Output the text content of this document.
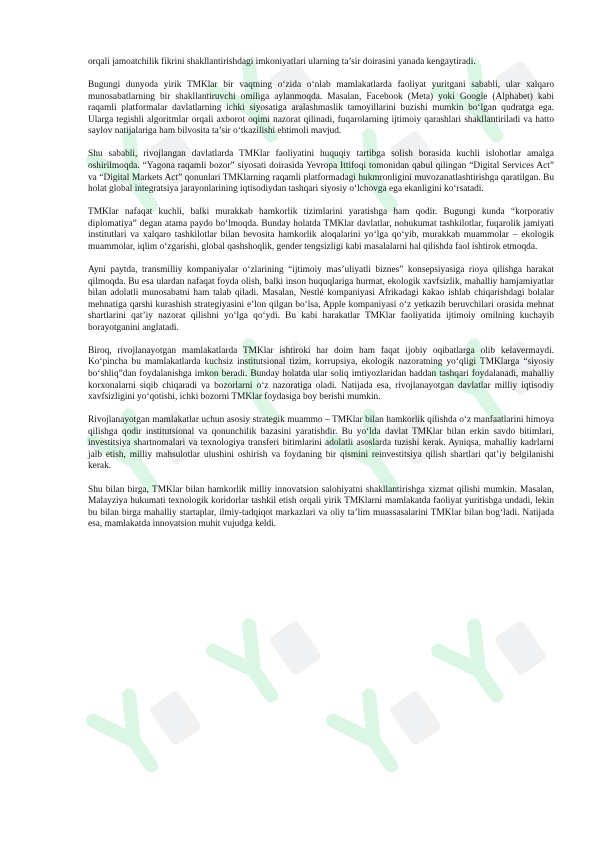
orqali jamoatchilik fikrini shakllantirishdagi imkoniyatlari ularning ta’sir doirasini yanada kengaytiradi.

Bugungi dunyoda yirik TMKlar bir vaqtning o‘zida o‘nlab mamlakatlarda faoliyat yuritgani sababli, ular xalqaro munosabatlarning bir shakllantiruvchi omiliga aylanmoqda. Masalan, Facebook (Meta) yoki Google (Alphabet) kabi raqamli platformalar davlatlarning ichki siyosatiga aralashmaslik tamoyillarini buzishi mumkin bo‘lgan qudratga ega. Ularga tegishli algoritmlar orqali axborot oqimi nazorat qilinadi, fuqarolarning ijtimoiy qarashlari shakllantiriladi va hatto saylov natijalariga ham bilvosita ta’sir o‘tkazilishi ehtimoli mavjud.

Shu sababli, rivojlangan davlatlarda TMKlar faoliyatini huquqiy tartibga solish borasida kuchli islohotlar amalga oshirilmoqda. “Yagona raqamli bozor” siyosati doirasida Yevropa Ittifoqi tomonidan qabul qilingan “Digital Services Act” va “Digital Markets Act” qonunlari TMKlarning raqamli platformadagi hukmronligini muvozanatlashtirishga qaratilgan. Bu holat global integratsiya jarayonlarining iqtisodiydan tashqari siyosiy o‘lchovga ega ekanligini ko‘rsatadi.

TMKlar nafaqat kuchli, balki murakkab hamkorlik tizimlarini yaratishga ham qodir. Bugungi kunda “korporativ diplomatiya” degan atama paydo bo‘lmoqda. Bunday holatda TMKlar davlatlar, nohukumat tashkilotlar, fuqarolik jamiyati institutlari va xalqaro tashkilotlar bilan bevosita hamkorlik aloqalarini yo‘lga qo‘yib, murakkab muammolar – ekologik muammolar, iqlim o‘zgarishi, global qashshoqlik, gender tengsizligi kabi masalalarni hal qilishda faol ishtirok etmoqda.

Ayni paytda, transmilliy kompaniyalar o‘zlarining “ijtimoiy mas’uliyatli biznes” konsepsiyasiga rioya qilishga harakat qilmoqda. Bu esa ulardan nafaqat foyda olish, balki inson huquqlariga hurmat, ekologik xavfsizlik, mahalliy hamjamiyatlar bilan adolatli munosabatni ham talab qiladi. Masalan, Nestlé kompaniyasi Afrikadagi kakao ishlab chiqarishdagi bolalar mehnatiga qarshi kurashish strategiyasini e’lon qilgan bo‘lsa, Apple kompaniyasi o‘z yetkazib beruvchilari orasida mehnat shartlarini qat’iy nazorat qilishni yo‘lga qo‘ydi. Bu kabi harakatlar TMKlar faoliyatida ijtimoiy omilning kuchayib borayotganini anglatadi.

Biroq, rivojlanayotgan mamlakatlarda TMKlar ishtiroki har doim ham faqat ijobiy oqibatlarga olib kelavermaydi. Ko‘pincha bu mamlakatlarda kuchsiz institutsional tizim, korrupsiya, ekologik nazoratning yo‘qligi TMKlarga “siyosiy bo‘shliq”dan foydalanishga imkon beradi. Bunday holatda ular soliq imtiyozlaridan haddan tashqari foydalanadi, mahalliy korxonalarni siqib chiqaradi va bozorlarni o‘z nazoratiga oladi. Natijada esa, rivojlanayotgan davlatlar milliy iqtisodiy xavfsizligini yo‘qotishi, ichki bozorni TMKlar foydasiga boy berishi mumkin.

Rivojlanayotgan mamlakatlar uchun asosiy strategik muammo – TMKlar bilan hamkorlik qilishda o‘z manfaatlarini himoya qilishga qodir institutsional va qonunchilik bazasini yaratishdir. Bu yo‘lda davlat TMKlar bilan erkin savdo bitimlari, investitsiya shartnomalari va texnologiya transferi bitimlarini adolatli asoslarda tuzishi kerak. Ayniqsa, mahalliy kadrlarni jalb etish, milliy mahsulotlar ulushini oshirish va foydaning bir qismini reinvestitsiya qilish shartlari qat’iy belgilanishi kerak.

Shu bilan birga, TMKlar bilan hamkorlik milliy innovatsion salohiyatni shakllantirishga xizmat qilishi mumkin. Masalan, Malayziya hukumati texnologik koridorlar tashkil etish orqali yirik TMKlarni mamlakatda faoliyat yuritishga undadi, lekin bu bilan birga mahalliy startaplar, ilmiy-tadqiqot markazlari va oliy ta’lim muassasalarini TMKlar bilan bog‘ladi. Natijada esa, mamlakatda innovatsion muhit vujudga keldi.
